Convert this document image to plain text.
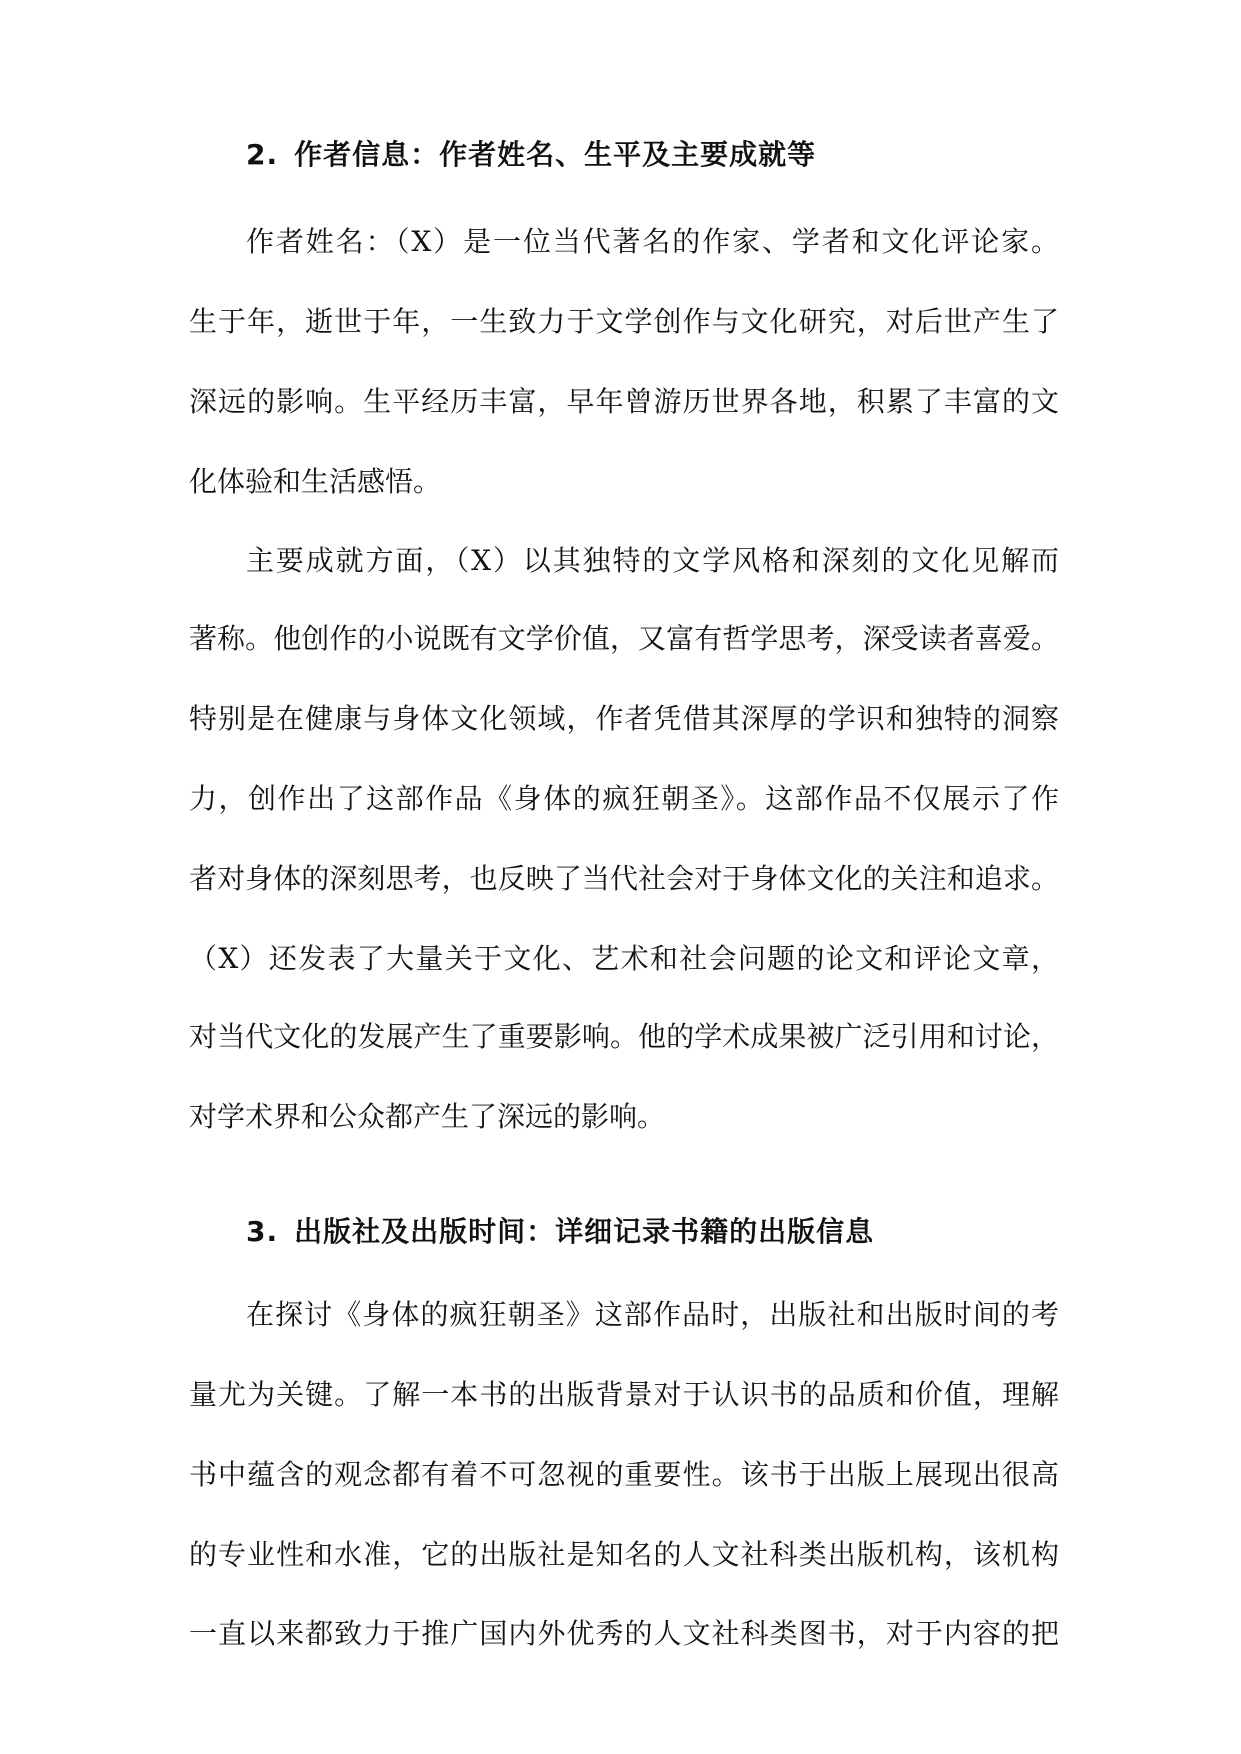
2. 作者信息：作者姓名、生平及主要成就等
作者姓名：（X）是一位当代著名的作家、学者和文化评论家。
生于年，逝世于年，一生致力于文学创作与文化研究，对后世产生了
深远的影响。生平经历丰富，早年曾游历世界各地，积累了丰富的文
化体验和生活感悟。
主要成就方面，（X）以其独特的文学风格和深刻的文化见解而
著称。他创作的小说既有文学价值，又富有哲学思考，深受读者喜爱。
特别是在健康与身体文化领域，作者凭借其深厚的学识和独特的洞察
力，创作出了这部作品《身体的疯狂朝圣》。这部作品不仅展示了作
者对身体的深刻思考，也反映了当代社会对于身体文化的关注和追求。
（X）还发表了大量关于文化、艺术和社会问题的论文和评论文章，
对当代文化的发展产生了重要影响。他的学术成果被广泛引用和讨论，
对学术界和公众都产生了深远的影响。
3. 出版社及出版时间：详细记录书籍的出版信息
在探讨《身体的疯狂朝圣》这部作品时，出版社和出版时间的考
量尤为关键。了解一本书的出版背景对于认识书的品质和价值，理解
书中蕴含的观念都有着不可忽视的重要性。该书于出版上展现出很高
的专业性和水准，它的出版社是知名的人文社科类出版机构，该机构
一直以来都致力于推广国内外优秀的人文社科类图书，对于内容的把
